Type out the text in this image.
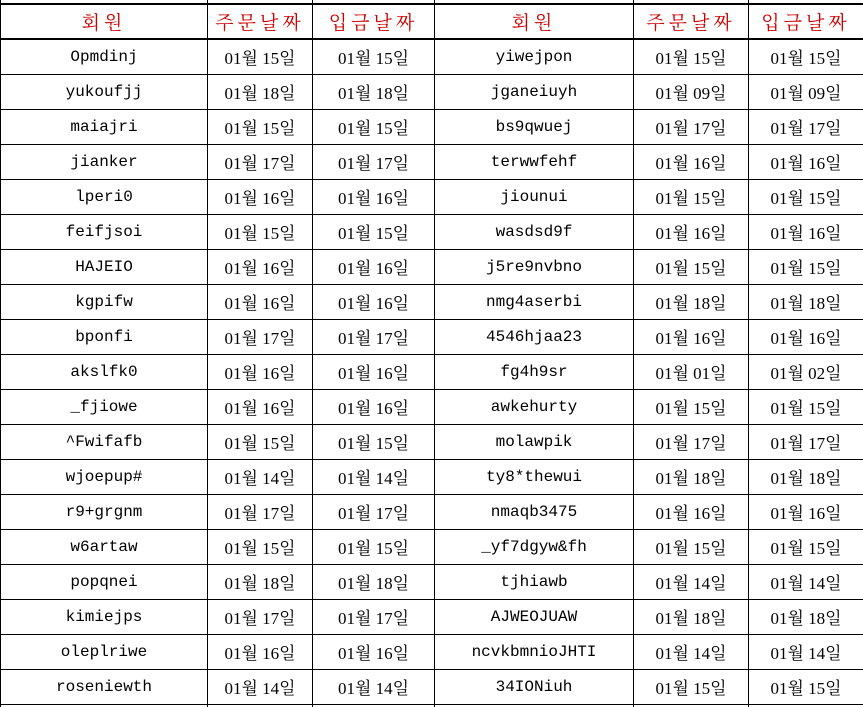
회원	주문날짜	입금날짜	회원	주문날짜	입금날짜
Opmdinj	01월 15일	01월 15일	yiwejpon	01월 15일	01월 15일
yukoufjj	01월 18일	01월 18일	jganeiuyh	01월 09일	01월 09일
maiajri	01월 15일	01월 15일	bs9qwuej	01월 17일	01월 17일
jianker	01월 17일	01월 17일	terwwfehf	01월 16일	01월 16일
lperi0	01월 16일	01월 16일	jiounui	01월 15일	01월 15일
feifjsoi	01월 15일	01월 15일	wasdsd9f	01월 16일	01월 16일
HAJEIO	01월 16일	01월 16일	j5re9nvbno	01월 15일	01월 15일
kgpifw	01월 16일	01월 16일	nmg4aserbi	01월 18일	01월 18일
bponfi	01월 17일	01월 17일	4546hjaa23	01월 16일	01월 16일
akslfk0	01월 16일	01월 16일	fg4h9sr	01월 01일	01월 02일
_fjiowe	01월 16일	01월 16일	awkehurty	01월 15일	01월 15일
^Fwifafb	01월 15일	01월 15일	molawpik	01월 17일	01월 17일
wjoepup#	01월 14일	01월 14일	ty8*thewui	01월 18일	01월 18일
r9+grgnm	01월 17일	01월 17일	nmaqb3475	01월 16일	01월 16일
w6artaw	01월 15일	01월 15일	_yf7dgyw&fh	01월 15일	01월 15일
popqnei	01월 18일	01월 18일	tjhiawb	01월 14일	01월 14일
kimiejps	01월 17일	01월 17일	AJWEOJUAW	01월 18일	01월 18일
oleplriwe	01월 16일	01월 16일	ncvkbmnioJHTI	01월 14일	01월 14일
roseniewth	01월 14일	01월 14일	34IONiuh	01월 15일	01월 15일
